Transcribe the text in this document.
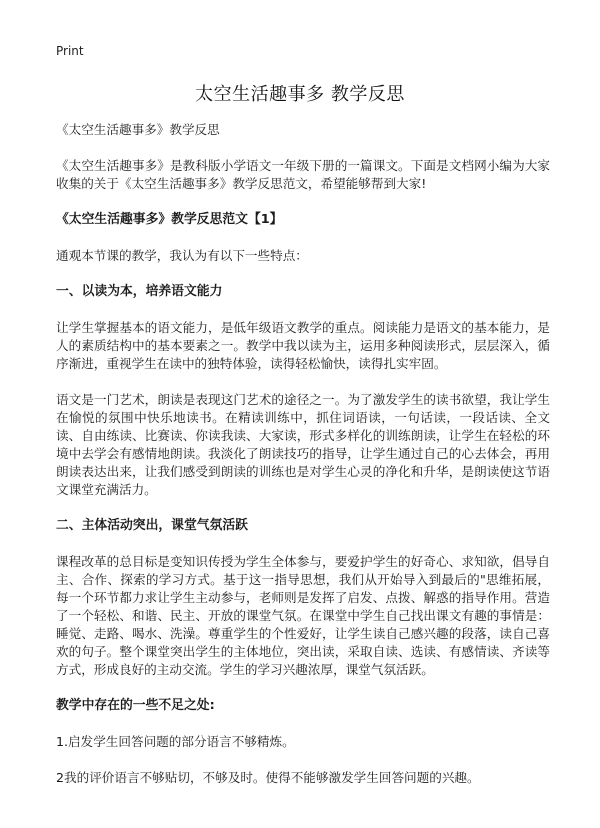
Print
太空生活趣事多 教学反思

《太空生活趣事多》教学反思

《太空生活趣事多》是教科版小学语文一年级下册的一篇课文。下面是文档网小编为大家收集的关于《太空生活趣事多》教学反思范文，希望能够帮到大家!

《太空生活趣事多》教学反思范文【1】

通观本节课的教学，我认为有以下一些特点：

一、以读为本，培养语文能力

让学生掌握基本的语文能力，是低年级语文教学的重点。阅读能力是语文的基本能力，是人的素质结构中的基本要素之一。教学中我以读为主，运用多种阅读形式，层层深入，循序渐进，重视学生在读中的独特体验，读得轻松愉快，读得扎实牢固。

语文是一门艺术，朗读是表现这门艺术的途径之一。为了激发学生的读书欲望，我让学生在愉悦的氛围中快乐地读书。在精读训练中，抓住词语读，一句话读，一段话读、全文读、自由练读、比赛读、你读我读、大家读，形式多样化的训练朗读，让学生在轻松的环境中去学会有感情地朗读。我淡化了朗读技巧的指导，让学生通过自己的心去体会，再用朗读表达出来，让我们感受到朗读的训练也是对学生心灵的净化和升华，是朗读使这节语文课堂充满活力。

二、主体活动突出，课堂气氛活跃

课程改革的总目标是变知识传授为学生全体参与，要爱护学生的好奇心、求知欲，倡导自主、合作、探索的学习方式。基于这一指导思想，我们从开始导入到最后的"思维拓展，每一个环节都力求让学生主动参与，老师则是发挥了启发、点拨、解惑的指导作用。营造了一个轻松、和谐、民主、开放的课堂气氛。在课堂中学生自己找出课文有趣的事情是：睡觉、走路、喝水、洗澡。尊重学生的个性爱好，让学生读自己感兴趣的段落，读自己喜欢的句子。整个课堂突出学生的主体地位，突出读，采取自读、选读、有感情读、齐读等方式，形成良好的主动交流。学生的学习兴趣浓厚，课堂气氛活跃。

教学中存在的一些不足之处:

1.启发学生回答问题的部分语言不够精炼。

2我的评价语言不够贴切，不够及时。使得不能够激发学生回答问题的兴趣。
